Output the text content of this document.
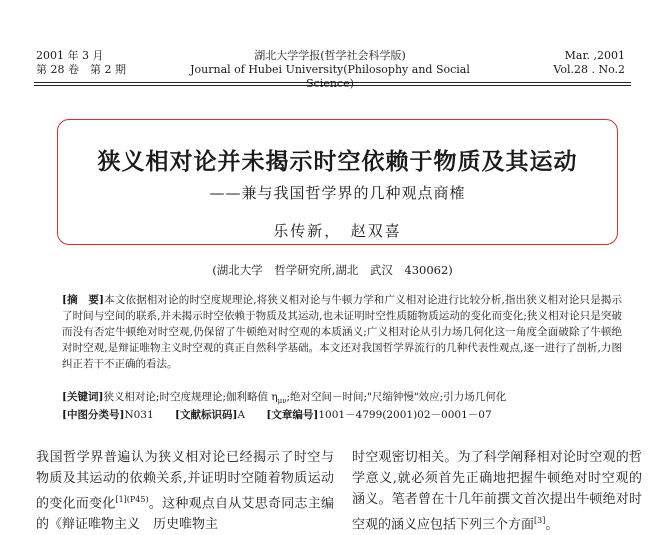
2001 年 3 月
第 28 卷　第 2 期
湖北大学学报(哲学社会科学版)
Journal of Hubei University(Philosophy and Social Science)
Mar. ,2001
Vol.28 . No.2
狭义相对论并未揭示时空依赖于物质及其运动
——兼与我国哲学界的几种观点商榷
乐传新，　赵双喜
(湖北大学　哲学研究所,湖北　武汉　430062)
[摘　要]本文依据相对论的时空度规理论,将狭义相对论与牛顿力学和广义相对论进行比较分析,指出狭义相对论只是揭示了时间与空间的联系,并未揭示时空依赖于物质及其运动,也未证明时空性质随物质运动的变化而变化;狭义相对论只是突破而没有否定牛顿绝对时空观,仍保留了牛顿绝对时空观的本质涵义;广义相对论从引力场几何化这一角度全面破除了牛顿绝对时空观,是辩证唯物主义时空观的真正自然科学基础。本文还对我国哲学界流行的几种代表性观点,逐一进行了剖析,力图纠正若干不正确的看法。
[关键词]狭义相对论;时空度规理论;伽利略值 $\eta_{\mu\nu}$;绝对空间－时间;"尺缩钟慢"效应;引力场几何化
[中图分类号]N031 [文献标识码]A [文章编号]1001－4799(2001)02－0001－07
我国哲学界普遍认为狭义相对论已经揭示了时空与物质及其运动的依赖关系,并证明时空随着物质运动的变化而变化$^{[1](P45)}$。这种观点自从艾思奇同志主编的《辩证唯物主义　历史唯物主
时空观密切相关。为了科学阐释相对论时空观的哲学意义,就必须首先正确地把握牛顿绝对时空观的涵义。笔者曾在十几年前撰文首次提出牛顿绝对时空观的涵义应包括下列三个方面[3]。
